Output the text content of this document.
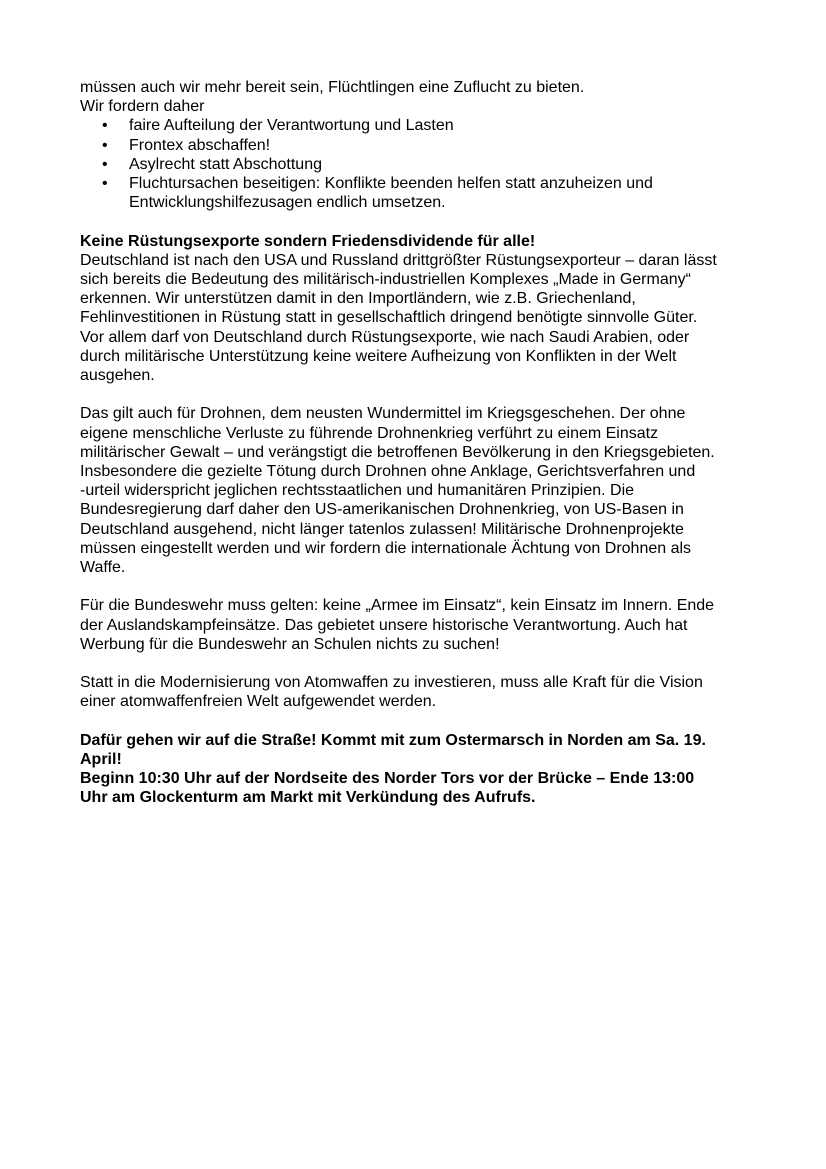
müssen auch wir mehr bereit sein, Flüchtlingen eine Zuflucht zu bieten.
Wir fordern daher
• faire Aufteilung der Verantwortung und Lasten
• Frontex abschaffen!
• Asylrecht statt Abschottung
• Fluchtursachen beseitigen: Konflikte beenden helfen statt anzuheizen und
Entwicklungshilfezusagen endlich umsetzen.
Keine Rüstungsexporte sondern Friedensdividende für alle!
Deutschland ist nach den USA und Russland drittgrößter Rüstungsexporteur – daran lässt
sich bereits die Bedeutung des militärisch-industriellen Komplexes „Made in Germany“
erkennen. Wir unterstützen damit in den Importländern, wie z.B. Griechenland,
Fehlinvestitionen in Rüstung statt in gesellschaftlich dringend benötigte sinnvolle Güter.
Vor allem darf von Deutschland durch Rüstungsexporte, wie nach Saudi Arabien, oder
durch militärische Unterstützung keine weitere Aufheizung von Konflikten in der Welt
ausgehen.
Das gilt auch für Drohnen, dem neusten Wundermittel im Kriegsgeschehen. Der ohne
eigene menschliche Verluste zu führende Drohnenkrieg verführt zu einem Einsatz
militärischer Gewalt – und verängstigt die betroffenen Bevölkerung in den Kriegsgebieten.
Insbesondere die gezielte Tötung durch Drohnen ohne Anklage, Gerichtsverfahren und
-urteil widerspricht jeglichen rechtsstaatlichen und humanitären Prinzipien. Die
Bundesregierung darf daher den US-amerikanischen Drohnenkrieg, von US-Basen in
Deutschland ausgehend, nicht länger tatenlos zulassen! Militärische Drohnenprojekte
müssen eingestellt werden und wir fordern die internationale Ächtung von Drohnen als
Waffe.
Für die Bundeswehr muss gelten: keine „Armee im Einsatz“, kein Einsatz im Innern. Ende
der Auslandskampfeinsätze. Das gebietet unsere historische Verantwortung. Auch hat
Werbung für die Bundeswehr an Schulen nichts zu suchen!
Statt in die Modernisierung von Atomwaffen zu investieren, muss alle Kraft für die Vision
einer atomwaffenfreien Welt aufgewendet werden.
Dafür gehen wir auf die Straße! Kommt mit zum Ostermarsch in Norden am Sa. 19.
April!
Beginn 10:30 Uhr auf der Nordseite des Norder Tors vor der Brücke – Ende 13:00
Uhr am Glockenturm am Markt mit Verkündung des Aufrufs.
